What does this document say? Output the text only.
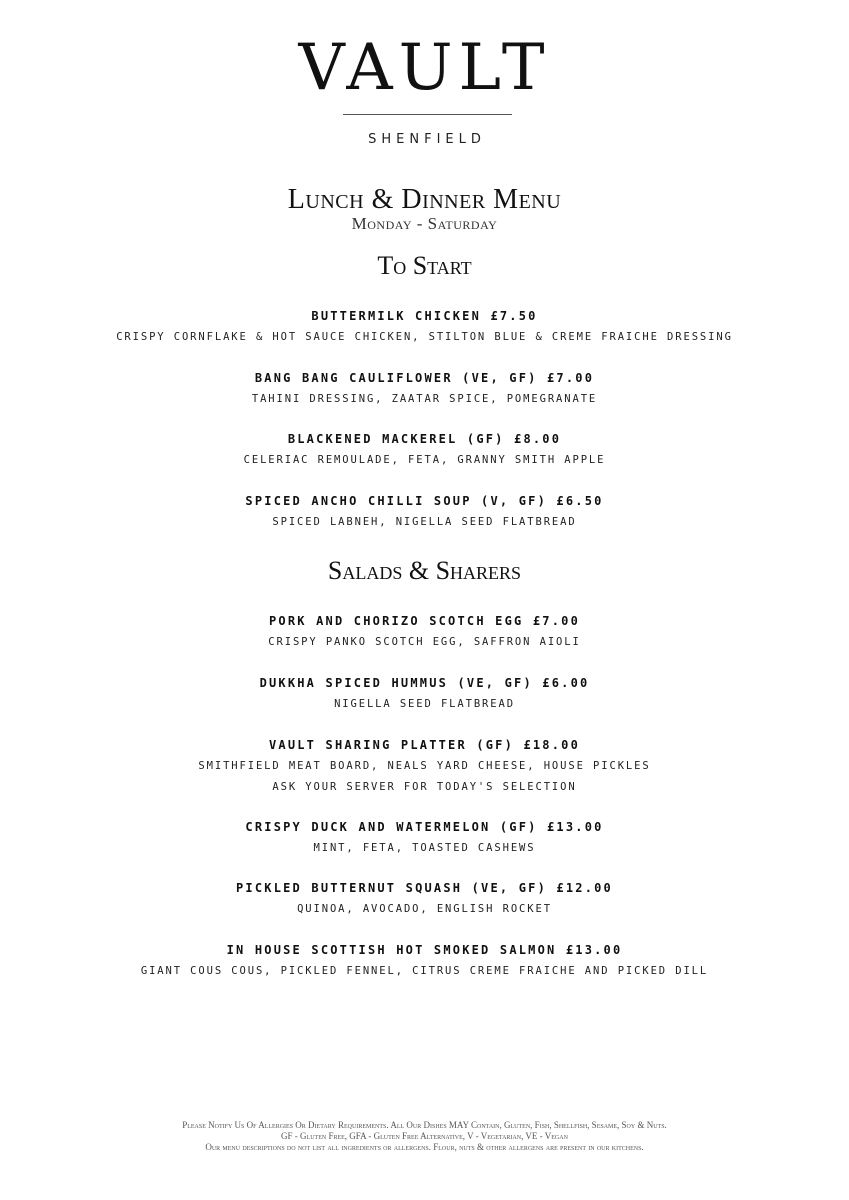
VAULT
SHENFIELD
Lunch & Dinner Menu
Monday - Saturday
To Start
BUTTERMILK CHICKEN £7.50
CRISPY CORNFLAKE & HOT SAUCE CHICKEN, STILTON BLUE & CREME FRAICHE DRESSING
BANG BANG CAULIFLOWER (VE, GF) £7.00
TAHINI DRESSING, ZAATAR SPICE, POMEGRANATE
BLACKENED MACKEREL (GF) £8.00
CELERIAC REMOULADE, FETA, GRANNY SMITH APPLE
SPICED ANCHO CHILLI SOUP (V, GF) £6.50
SPICED LABNEH, NIGELLA SEED FLATBREAD
Salads & Sharers
PORK AND CHORIZO SCOTCH EGG £7.00
CRISPY PANKO SCOTCH EGG, SAFFRON AIOLI
DUKKHA SPICED HUMMUS (VE, GF) £6.00
NIGELLA SEED FLATBREAD
VAULT SHARING PLATTER (GF) £18.00
SMITHFIELD MEAT BOARD, NEALS YARD CHEESE, HOUSE PICKLES
ASK YOUR SERVER FOR TODAY'S SELECTION
CRISPY DUCK AND WATERMELON (GF) £13.00
MINT, FETA, TOASTED CASHEWS
PICKLED BUTTERNUT SQUASH (VE, GF) £12.00
QUINOA, AVOCADO, ENGLISH ROCKET
IN HOUSE SCOTTISH HOT SMOKED SALMON £13.00
GIANT COUS COUS, PICKLED FENNEL, CITRUS CREME FRAICHE AND PICKED DILL
Please Notify Us Of Allergies Or Dietary Requirements. All Our Dishes MAY Contain, Gluten, Fish, Shellfish, Sesame, Soy & Nuts.
GF - Gluten Free, GFA - Gluten Free Alternative, V - Vegetarian, VE - Vegan
Our menu descriptions do not list all ingredients or allergens. Flour, nuts & other allergens are present in our kitchens.
